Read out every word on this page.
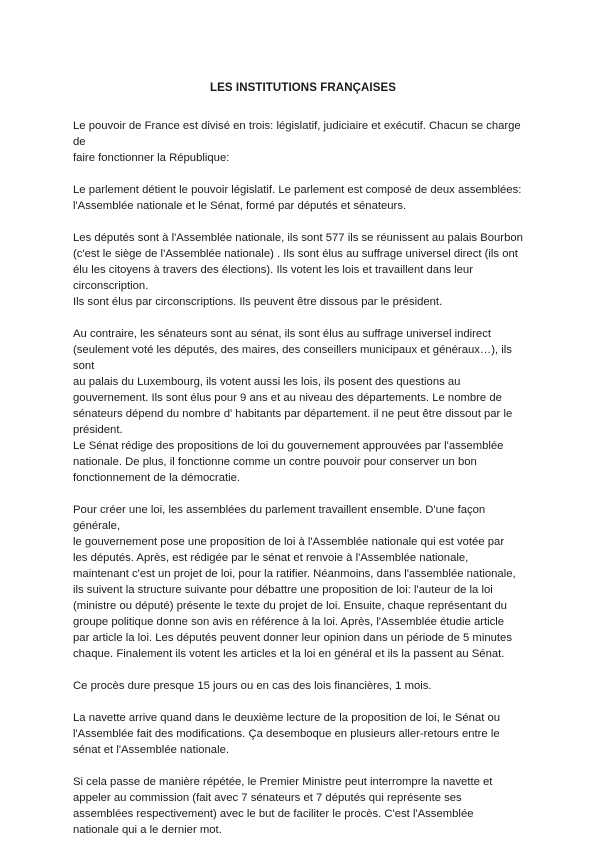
LES INSTITUTIONS FRANÇAISES

Le pouvoir de France est divisé en trois: législatif, judiciaire et exécutif. Chacun se charge de
faire fonctionner la République:

Le parlement détient le pouvoir législatif. Le parlement est composé de deux assemblées:
l'Assemblée nationale et le Sénat, formé par députés et sénateurs.

Les députés sont à l'Assemblée nationale, ils sont 577 ils se réunissent au palais Bourbon
(c'est le siège de l'Assemblée nationale) . Ils sont élus au suffrage universel direct (ils ont
élu les citoyens à travers des élections). Ils votent les lois et travaillent dans leur
circonscription.
Ils sont élus par circonscriptions. Ils peuvent être dissous par le président.

Au contraire, les sénateurs sont au sénat, ils sont élus au suffrage universel indirect
(seulement voté les députés, des maires, des conseillers municipaux et généraux…), ils sont
au palais du Luxembourg, ils votent aussi les lois, ils posent des questions au
gouvernement. Ils sont élus pour 9 ans et au niveau des départements. Le nombre de
sénateurs dépend du nombre d' habitants par département. il ne peut être dissout par le
président.
Le Sénat rédige des propositions de loi du gouvernement approuvées par l'assemblée
nationale. De plus, il fonctionne comme un contre pouvoir pour conserver un bon
fonctionnement de la démocratie.

Pour créer une loi, les assemblées du parlement travaillent ensemble. D'une façon générale,
le gouvernement pose une proposition de loi à l'Assemblée nationale qui est votée par
les députés. Après, est rédigée par le sénat et renvoie à l'Assemblée nationale,
maintenant c'est un projet de loi, pour la ratifier. Néanmoins, dans l'assemblée nationale,
ils suivent la structure suivante pour débattre une proposition de loi: l'auteur de la loi
(ministre ou député) présente le texte du projet de loi. Ensuite, chaque représentant du
groupe politique donne son avis en référence à la loi. Après, l'Assemblée étudie article
par article la loi. Les députés peuvent donner leur opinion dans un période de 5 minutes
chaque. Finalement ils votent les articles et la loi en général et ils la passent au Sénat.

Ce procès dure presque 15 jours ou en cas des lois financières, 1 mois.

La navette arrive quand dans le deuxième lecture de la proposition de loi, le Sénat ou
l'Assemblée fait des modifications. Ça desemboque en plusieurs aller-retours entre le
sénat et l'Assemblée nationale.

Si cela passe de manière répétée, le Premier Ministre peut interrompre la navette et
appeler au commission (fait avec 7 sénateurs et 7 députés qui représente ses
assemblées respectivement) avec le but de faciliter le procès. C'est l'Assemblée
nationale qui a le dernier mot.
